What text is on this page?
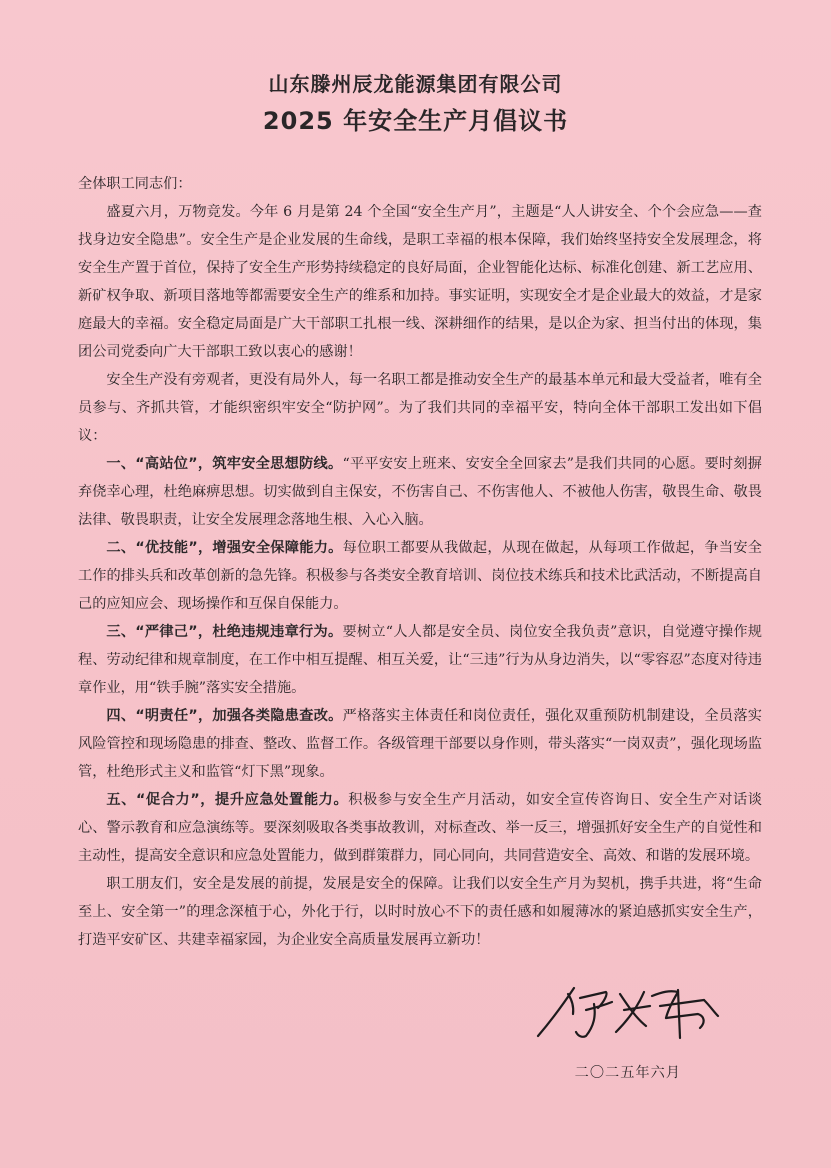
山东滕州辰龙能源集团有限公司
2025 年安全生产月倡议书

全体职工同志们：

盛夏六月，万物竞发。今年 6 月是第 24 个全国“安全生产月”，主题是“人人讲安全、个个会应急——查找身边安全隐患”。安全生产是企业发展的生命线，是职工幸福的根本保障，我们始终坚持安全发展理念，将安全生产置于首位，保持了安全生产形势持续稳定的良好局面，企业智能化达标、标准化创建、新工艺应用、新矿权争取、新项目落地等都需要安全生产的维系和加持。事实证明，实现安全才是企业最大的效益，才是家庭最大的幸福。安全稳定局面是广大干部职工扎根一线、深耕细作的结果，是以企为家、担当付出的体现，集团公司党委向广大干部职工致以衷心的感谢！

安全生产没有旁观者，更没有局外人，每一名职工都是推动安全生产的最基本单元和最大受益者，唯有全员参与、齐抓共管，才能织密织牢安全“防护网”。为了我们共同的幸福平安，特向全体干部职工发出如下倡议：

一、“高站位”，筑牢安全思想防线。“平平安安上班来、安安全全回家去”是我们共同的心愿。要时刻摒弃侥幸心理，杜绝麻痹思想。切实做到自主保安，不伤害自己、不伤害他人、不被他人伤害，敬畏生命、敬畏法律、敬畏职责，让安全发展理念落地生根、入心入脑。

二、“优技能”，增强安全保障能力。每位职工都要从我做起，从现在做起，从每项工作做起，争当安全工作的排头兵和改革创新的急先锋。积极参与各类安全教育培训、岗位技术练兵和技术比武活动，不断提高自己的应知应会、现场操作和互保自保能力。

三、“严律己”，杜绝违规违章行为。要树立“人人都是安全员、岗位安全我负责”意识，自觉遵守操作规程、劳动纪律和规章制度，在工作中相互提醒、相互关爱，让“三违”行为从身边消失，以“零容忍”态度对待违章作业，用“铁手腕”落实安全措施。

四、“明责任”，加强各类隐患查改。严格落实主体责任和岗位责任，强化双重预防机制建设，全员落实风险管控和现场隐患的排查、整改、监督工作。各级管理干部要以身作则，带头落实“一岗双责”，强化现场监管，杜绝形式主义和监管“灯下黑”现象。

五、“促合力”，提升应急处置能力。积极参与安全生产月活动，如安全宣传咨询日、安全生产对话谈心、警示教育和应急演练等。要深刻吸取各类事故教训，对标查改、举一反三，增强抓好安全生产的自觉性和主动性，提高安全意识和应急处置能力，做到群策群力，同心同向，共同营造安全、高效、和谐的发展环境。

职工朋友们，安全是发展的前提，发展是安全的保障。让我们以安全生产月为契机，携手共进，将“生命至上、安全第一”的理念深植于心，外化于行，以时时放心不下的责任感和如履薄冰的紧迫感抓实安全生产，打造平安矿区、共建幸福家园，为企业安全高质量发展再立新功！

二〇二五年六月
